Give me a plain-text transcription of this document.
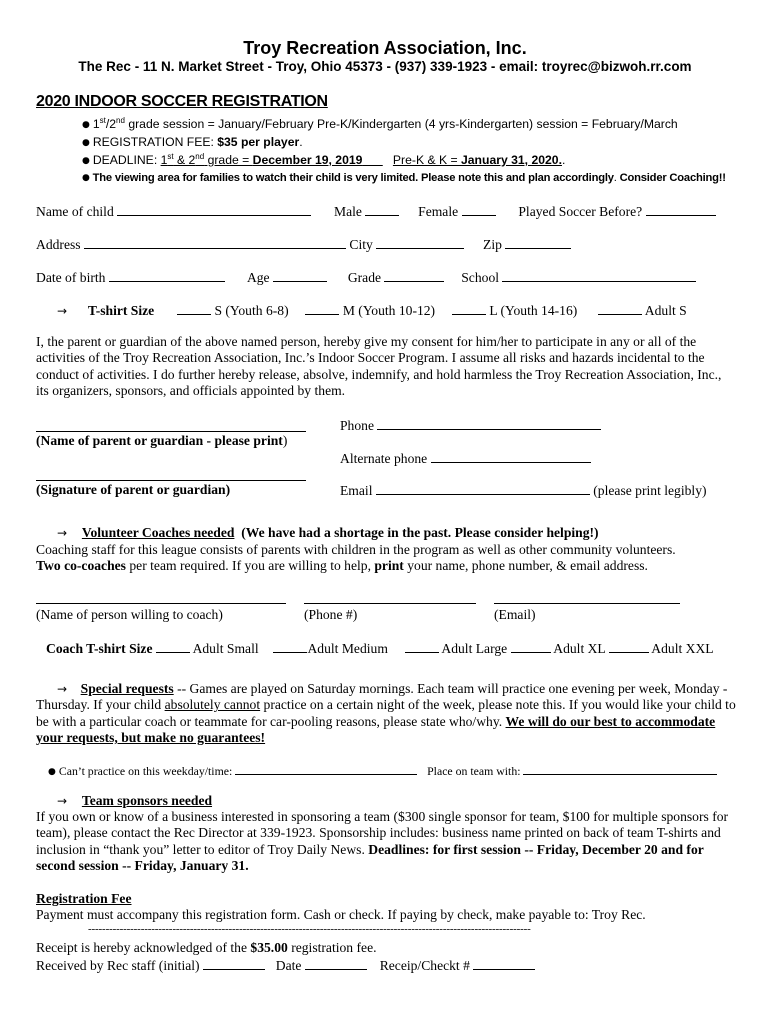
Troy Recreation Association, Inc.
The Rec - 11 N. Market Street - Troy, Ohio 45373 - (937) 339-1923 - email: troyrec@bizwoh.rr.com
2020 INDOOR SOCCER REGISTRATION
● 1st/2nd grade session = January/February Pre-K/Kindergarten (4 yrs-Kindergarten) session = February/March
● REGISTRATION FEE: $35 per player.
● DEADLINE: 1st & 2nd grade = December 19, 2019	Pre-K & K = January 31, 2020..
● The viewing area for families to watch their child is very limited. Please note this and plan accordingly. Consider Coaching!!
Name of child	Male	Female	Played Soccer Before?
Address	City	Zip
Date of birth	Age	Grade	School
→ T-shirt Size	S (Youth 6-8)	M (Youth 10-12)	L (Youth 14-16)	Adult S
I, the parent or guardian of the above named person, hereby give my consent for him/her to participate in any or all of the activities of the Troy Recreation Association, Inc.’s Indoor Soccer Program. I assume all risks and hazards incidental to the conduct of activities. I do further hereby release, absolve, indemnify, and hold harmless the Troy Recreation Association, Inc., its organizers, sponsors, and officials appointed by them.
(Name of parent or guardian - please print)
Phone
Alternate phone
(Signature of parent or guardian)	Email	(please print legibly)
→ Volunteer Coaches needed (We have had a shortage in the past. Please consider helping!)
Coaching staff for this league consists of parents with children in the program as well as other community volunteers.
Two co-coaches per team required. If you are willing to help, print your name, phone number, & email address.
(Name of person willing to coach)	(Phone #)	(Email)
Coach T-shirt Size	Adult Small	Adult Medium	Adult Large	Adult XL	Adult XXL
→ Special requests -- Games are played on Saturday mornings. Each team will practice one evening per week, Monday - Thursday. If your child absolutely cannot practice on a certain night of the week, please note this. If you would like your child to be with a particular coach or teammate for car-pooling reasons, please state who/why. We will do our best to accommodate your requests, but make no guarantees!
● Can’t practice on this weekday/time:	Place on team with:
→ Team sponsors needed
If you own or know of a business interested in sponsoring a team ($300 single sponsor for team, $100 for multiple sponsors for team), please contact the Rec Director at 339-1923. Sponsorship includes: business name printed on back of team T-shirts and inclusion in “thank you” letter to editor of Troy Daily News. Deadlines: for first session -- Friday, December 20 and for second session -- Friday, January 31.
Registration Fee
Payment must accompany this registration form. Cash or check. If paying by check, make payable to: Troy Rec.
------------------------------------------------------------------------------------------------------------------------------
Receipt is hereby acknowledged of the $35.00 registration fee.
Received by Rec staff (initial)	Date	Receip/Checkt #
